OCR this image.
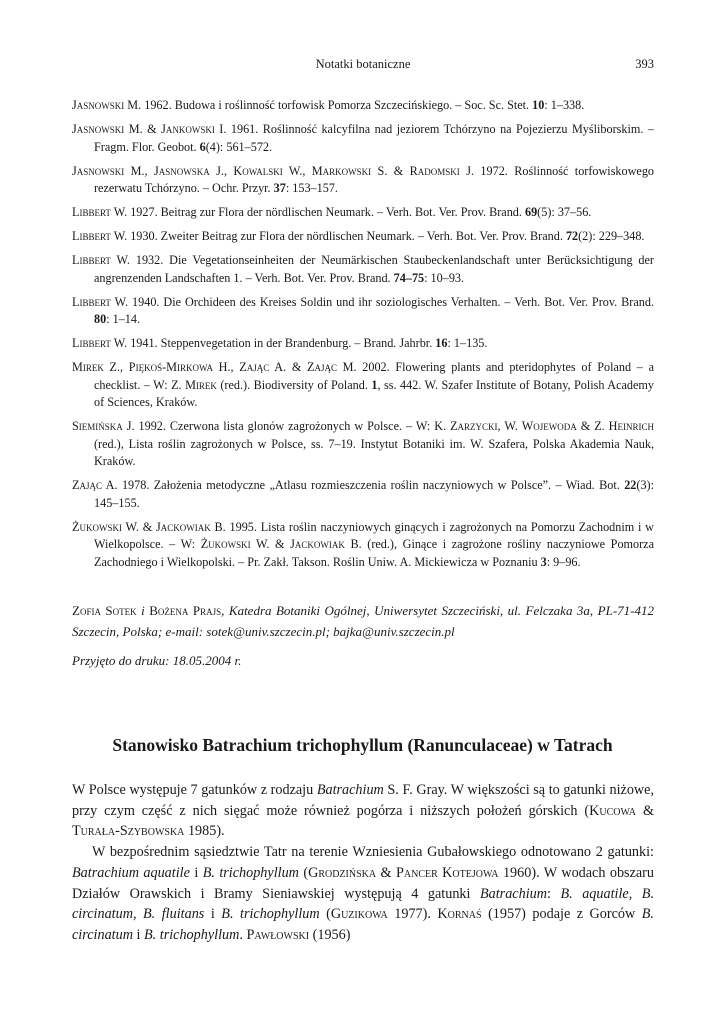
Notatki botaniczne	393

Jasnowski M. 1962. Budowa i roślinność torfowisk Pomorza Szczecińskiego. – Soc. Sc. Stet. 10: 1–338.

Jasnowski M. & Jankowski I. 1961. Roślinność kalcyfilna nad jeziorem Tchórzyno na Pojezierzu Myśliborskim. – Fragm. Flor. Geobot. 6(4): 561–572.

Jasnowski M., Jasnowska J., Kowalski W., Markowski S. & Radomski J. 1972. Roślinność torfowiskowego rezerwatu Tchórzyno. – Ochr. Przyr. 37: 153–157.

Libbert W. 1927. Beitrag zur Flora der nördlischen Neumark. – Verh. Bot. Ver. Prov. Brand. 69(5): 37–56.

Libbert W. 1930. Zweiter Beitrag zur Flora der nördlischen Neumark. – Verh. Bot. Ver. Prov. Brand. 72(2): 229–348.

Libbert W. 1932. Die Vegetationseinheiten der Neumärkischen Staubeckenlandschaft unter Berücksichtigung der angrenzenden Landschaften 1. – Verh. Bot. Ver. Prov. Brand. 74–75: 10–93.

Libbert W. 1940. Die Orchideen des Kreises Soldin und ihr soziologisches Verhalten. – Verh. Bot. Ver. Prov. Brand. 80: 1–14.

Libbert W. 1941. Steppenvegetation in der Brandenburg. – Brand. Jahrbr. 16: 1–135.

Mirek Z., Piękoś-Mirkowa H., Zając A. & Zając M. 2002. Flowering plants and pteridophytes of Poland – a checklist. – W: Z. Mirek (red.). Biodiversity of Poland. 1, ss. 442. W. Szafer Institute of Botany, Polish Academy of Sciences, Kraków.

Siemińska J. 1992. Czerwona lista glonów zagrożonych w Polsce. – W: K. Zarzycki, W. Wojewoda & Z. Heinrich (red.), Lista roślin zagrożonych w Polsce, ss. 7–19. Instytut Botaniki im. W. Szafera, Polska Akademia Nauk, Kraków.

Zając A. 1978. Założenia metodyczne „Atlasu rozmieszczenia roślin naczyniowych w Polsce”. – Wiad. Bot. 22(3): 145–155.

Żukowski W. & Jackowiak B. 1995. Lista roślin naczyniowych ginących i zagrożonych na Pomorzu Zachodnim i w Wielkopolsce. – W: Żukowski W. & Jackowiak B. (red.), Ginące i zagrożone rośliny naczyniowe Pomorza Zachodniego i Wielkopolski. – Pr. Zakł. Takson. Roślin Uniw. A. Mickiewicza w Poznaniu 3: 9–96.

Zofia Sotek i Bożena Prajs, Katedra Botaniki Ogólnej, Uniwersytet Szczeciński, ul. Felczaka 3a, PL-71-412 Szczecin, Polska; e-mail: sotek@univ.szczecin.pl; bajka@univ.szczecin.pl
Przyjęto do druku: 18.05.2004 r.
Stanowisko Batrachium trichophyllum (Ranunculaceae) w Tatrach

W Polsce występuje 7 gatunków z rodzaju Batrachium S. F. Gray. W większości są to gatunki niżowe, przy czym część z nich sięgać może również pogórza i niższych położeń górskich (Kucowa & Turała-Szybowska 1985).

W bezpośrednim sąsiedztwie Tatr na terenie Wzniesienia Gubałowskiego odnotowano 2 gatunki: Batrachium aquatile i B. trichophyllum (Grodzińska & Pancer Kotejowa 1960). W wodach obszaru Działów Orawskich i Bramy Sieniawskiej występują 4 gatunki Batrachium: B. aquatile, B. circinatum, B. fluitans i B. trichophyllum (Guzikowa 1977). Kornaś (1957) podaje z Gorców B. circinatum i B. trichophyllum. Pawłowski (1956)
